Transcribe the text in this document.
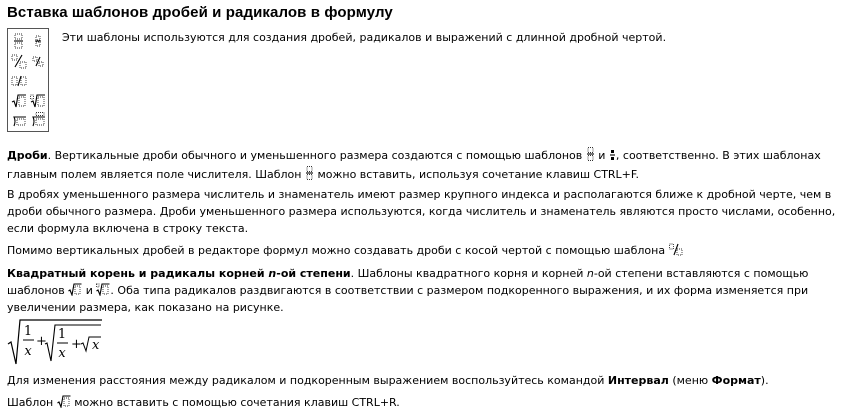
Вставка шаблонов дробей и радикалов в формулу
Эти шаблоны используются для создания дробей, радикалов и выражений с длинной дробной чертой.
Дроби. Вертикальные дроби обычного и уменьшенного размера создаются с помощью шаблонов  и , соответственно. В этих шаблонах главным полем является поле числителя. Шаблон  можно вставить, используя сочетание клавиш CTRL+F.
В дробях уменьшенного размера числитель и знаменатель имеют размер крупного индекса и располагаются ближе к дробной черте, чем в дроби обычного размера. Дроби уменьшенного размера используются, когда числитель и знаменатель являются просто числами, особенно, если формула включена в строку текста.
Помимо вертикальных дробей в редакторе формул можно создавать дроби с косой чертой с помощью шаблона
Квадратный корень и радикалы корней n-ой степени. Шаблоны квадратного корня и корней n-ой степени вставляются с помощью шаблонов  и . Оба типа радикалов раздвигаются в соответствии с размером подкоренного выражения, и их форма изменяется при увеличении размера, как показано на рисунке.
1
x
+ 1
x
+ x
Для изменения расстояния между радикалом и подкоренным выражением воспользуйтесь командой Интервал (меню Формат).
Шаблон  можно вставить с помощью сочетания клавиш CTRL+R.
